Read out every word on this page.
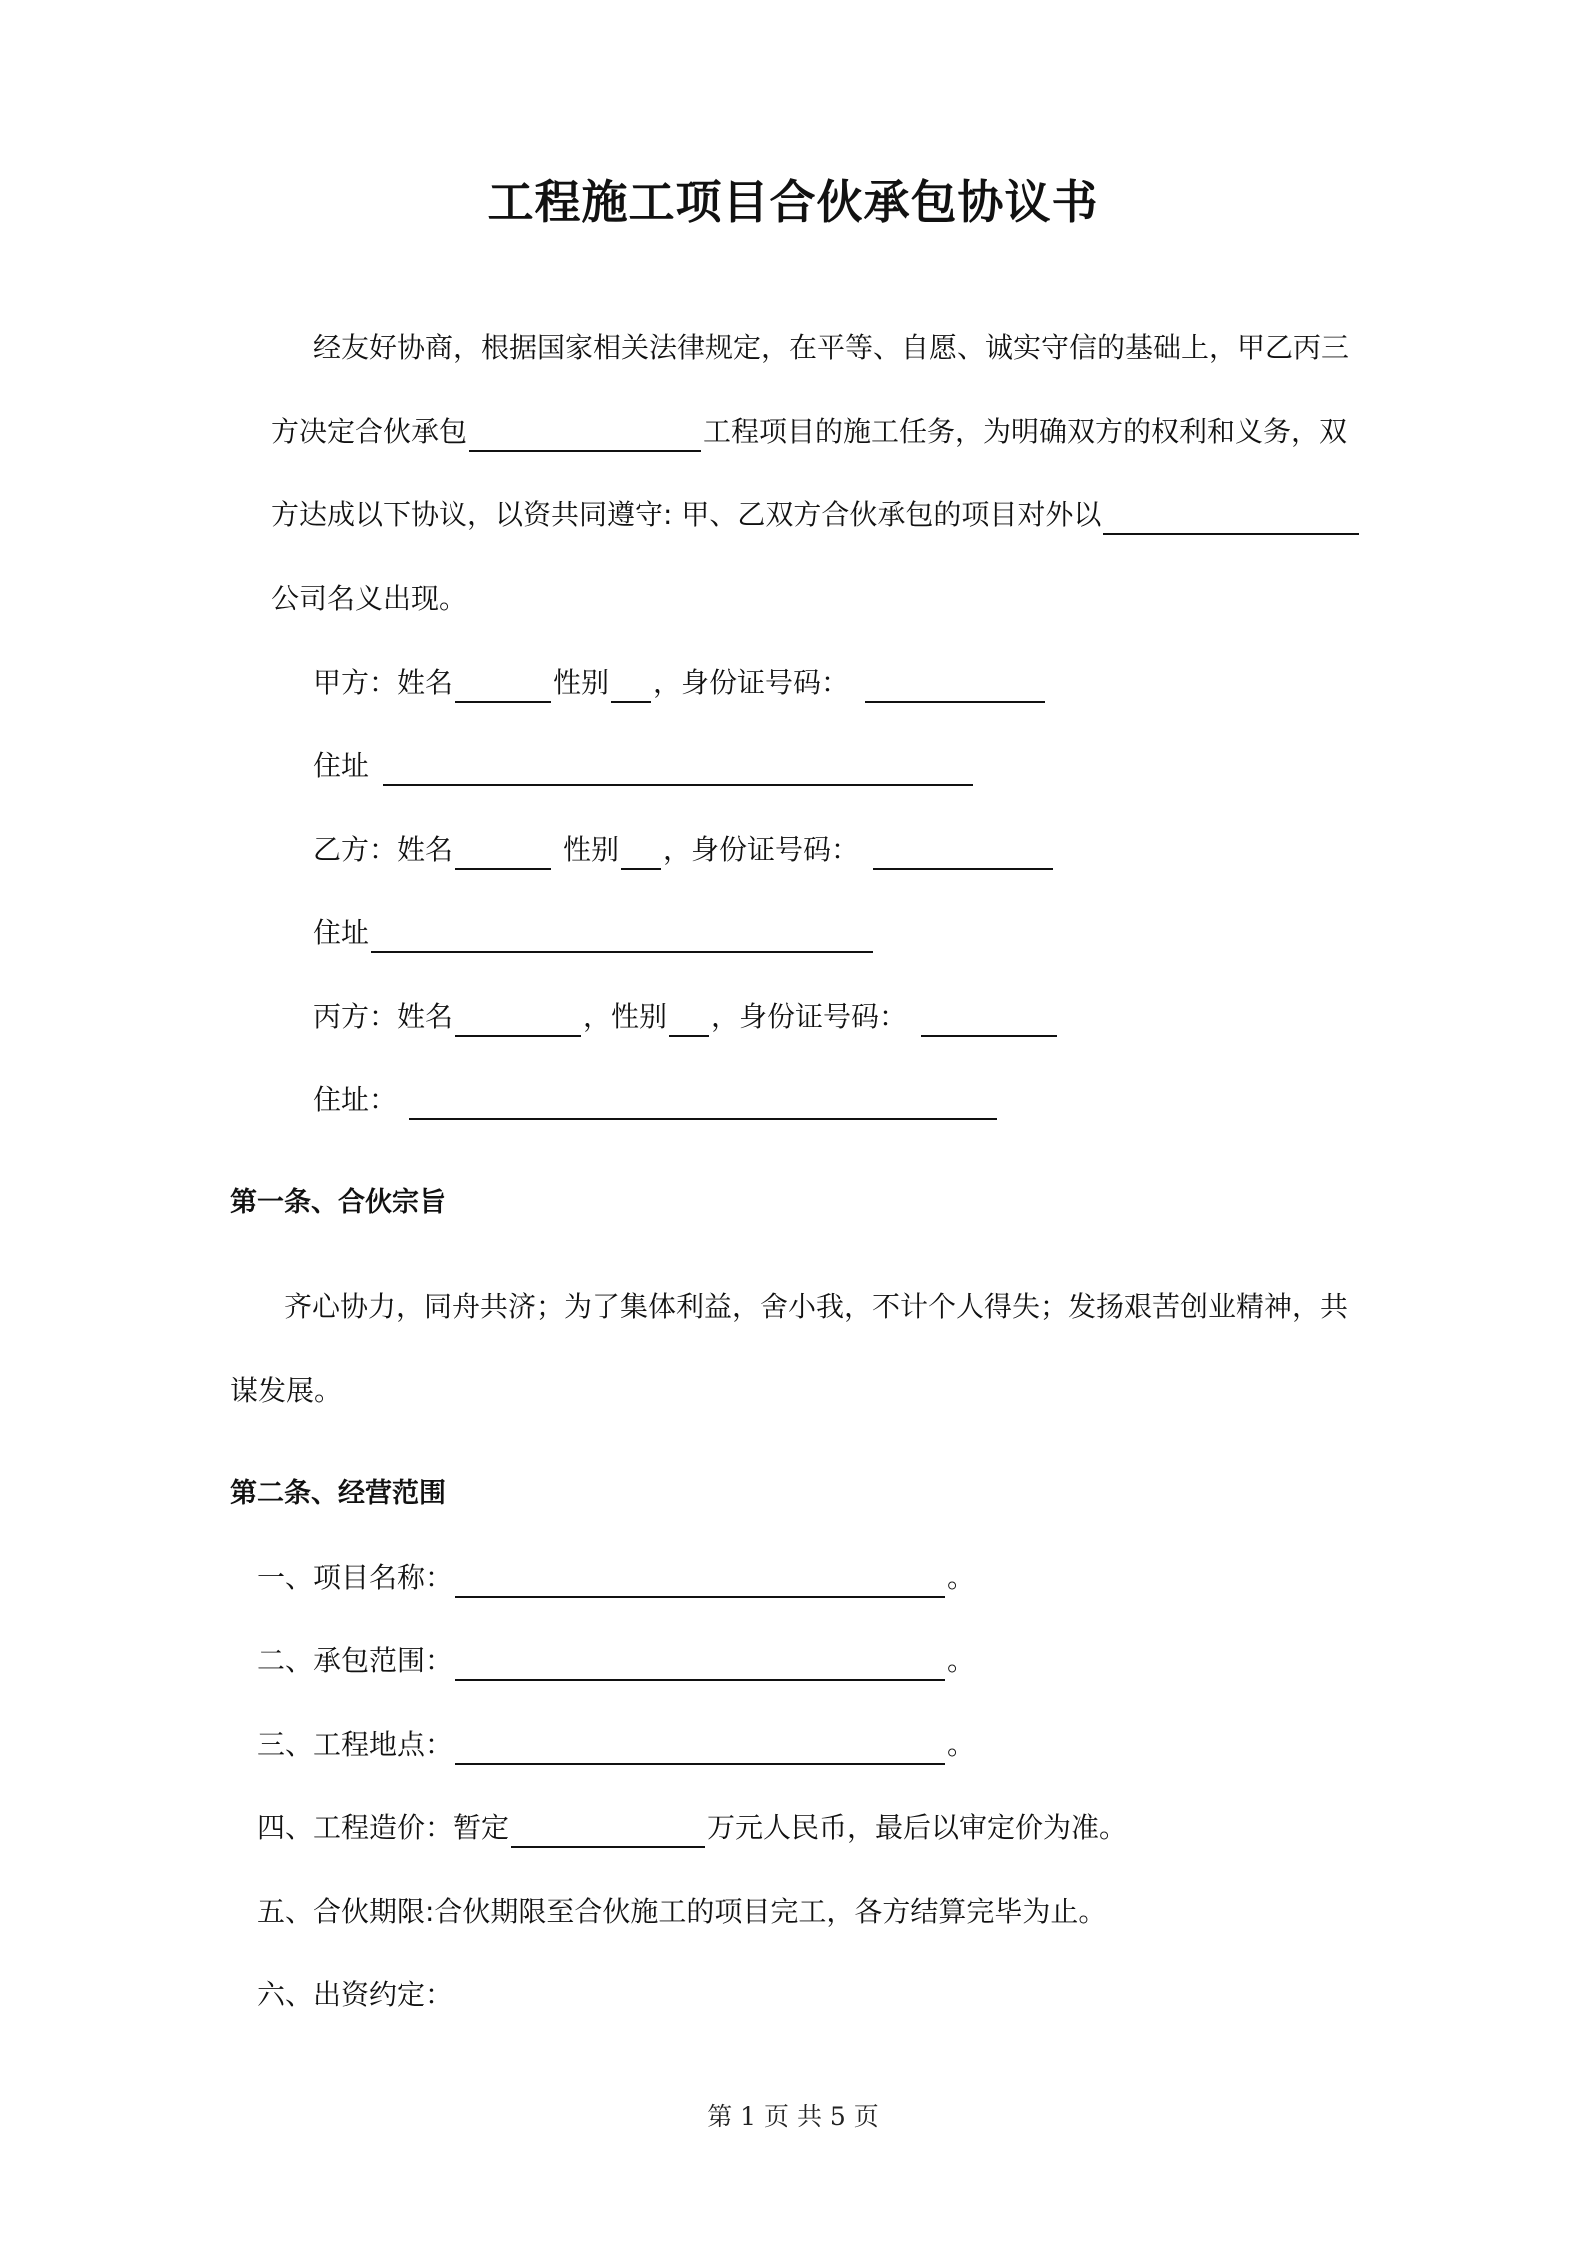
工程施工项目合伙承包协议书
经友好协商，根据国家相关法律规定，在平等、自愿、诚实守信的基础上，甲乙丙三
方决定合伙承包	工程项目的施工任务，为明确双方的权利和义务，双
方达成以下协议，以资共同遵守: 甲、乙双方合伙承包的项目对外以
公司名义出现。
甲方：姓名	性别 ，身份证号码：
住址
乙方：姓名	性别 ，身份证号码：
住址
丙方：姓名	，性别 ，身份证号码：
住址：
第一条、合伙宗旨
齐心协力，同舟共济；为了集体利益，舍小我，不计个人得失；发扬艰苦创业精神，共
谋发展。
第二条、经营范围
一、项目名称：	。
二、承包范围：	。
三、工程地点：	。
四、工程造价：暂定	万元人民币，最后以审定价为准。
五、合伙期限:合伙期限至合伙施工的项目完工，各方结算完毕为止。
六、出资约定：
第 1 页 共 5 页
